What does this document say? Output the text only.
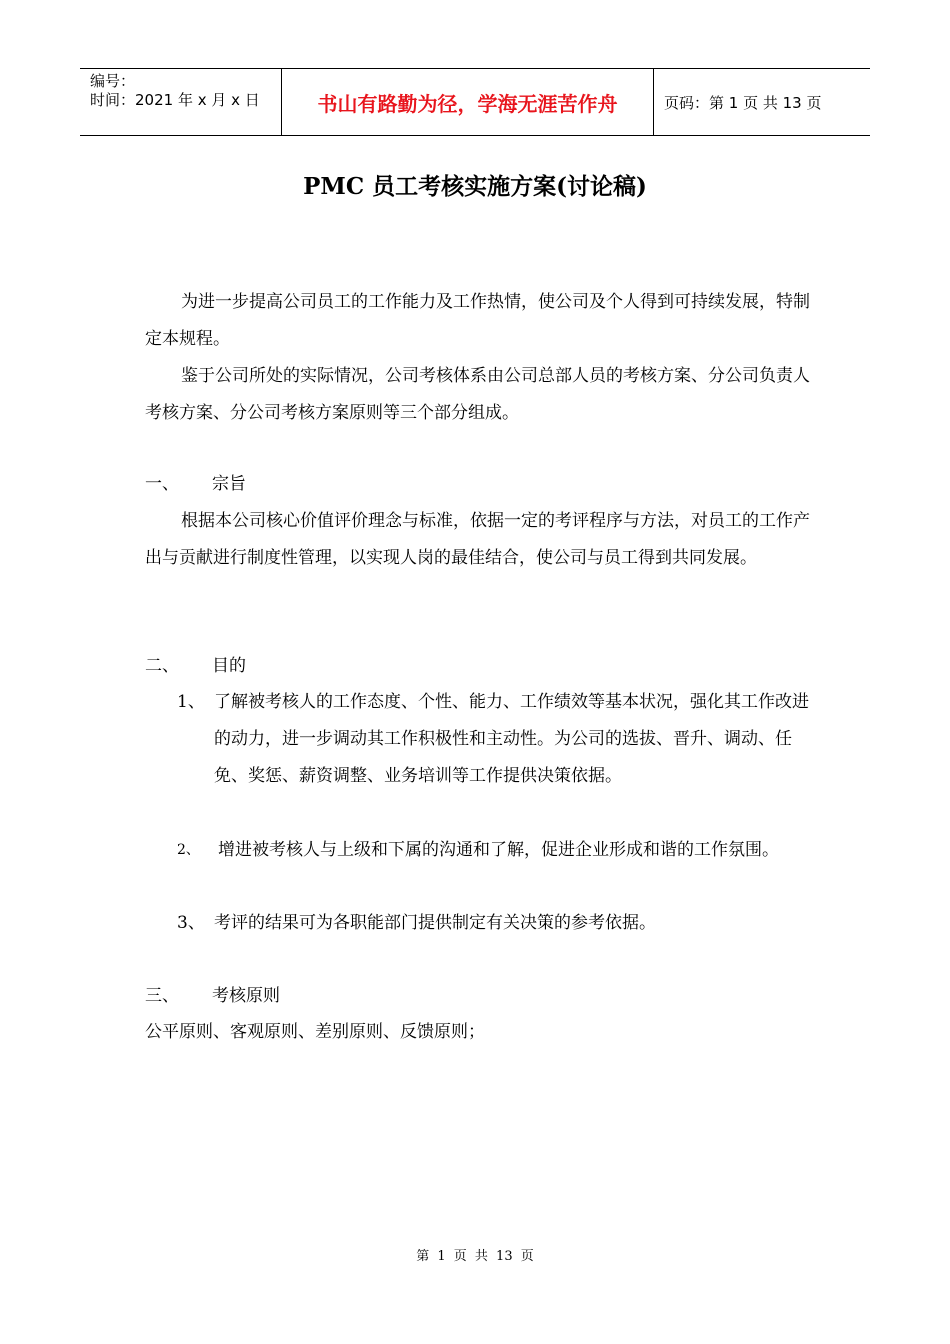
编号：
时间：2021 年 x 月 x 日	书山有路勤为径，学海无涯苦作舟	页码：第 1 页 共 13 页
PMC 员工考核实施方案(讨论稿)

为进一步提高公司员工的工作能力及工作热情，使公司及个人得到可持续发展，特制定本规程。

鉴于公司所处的实际情况，公司考核体系由公司总部人员的考核方案、分公司负责人考核方案、分公司考核方案原则等三个部分组成。

一、 宗旨

根据本公司核心价值评价理念与标准，依据一定的考评程序与方法，对员工的工作产出与贡献进行制度性管理，以实现人岗的最佳结合，使公司与员工得到共同发展。

二、 目的
1、 了解被考核人的工作态度、个性、能力、工作绩效等基本状况，强化其工作改进的动力，进一步调动其工作积极性和主动性。为公司的选拔、晋升、调动、任免、奖惩、薪资调整、业务培训等工作提供决策依据。
2、	增进被考核人与上级和下属的沟通和了解，促进企业形成和谐的工作氛围。
3、 考评的结果可为各职能部门提供制定有关决策的参考依据。
三、 考核原则

公平原则、客观原则、差别原则、反馈原则；

第 1 页 共 13 页
